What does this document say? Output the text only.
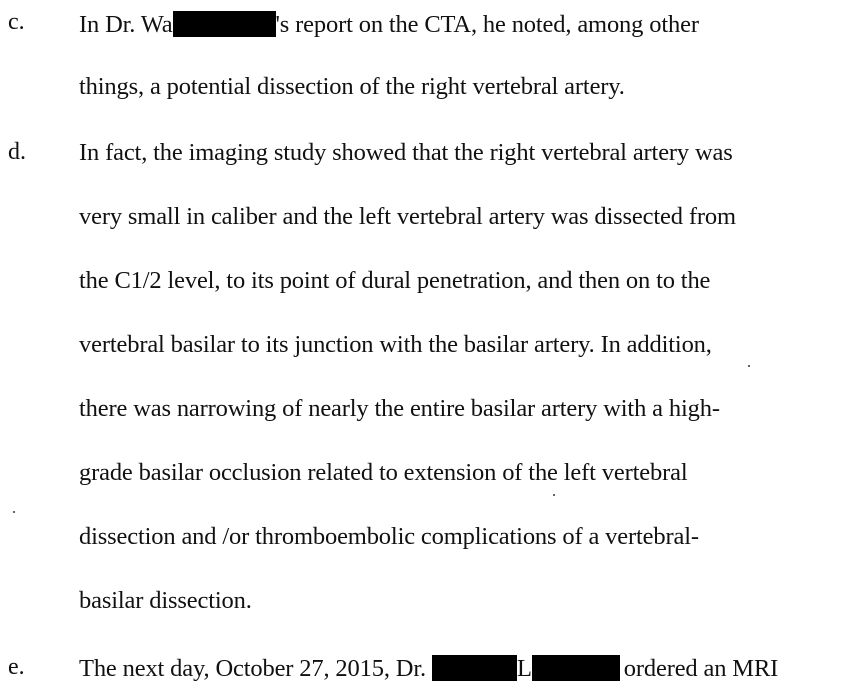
c. In Dr. Wa	's report on the CTA, he noted, among other
things, a potential dissection of the right vertebral artery.
d. In fact, the imaging study showed that the right vertebral artery was
very small in caliber and the left vertebral artery was dissected from
the C1/2 level, to its point of dural penetration, and then on to the
vertebral basilar to its junction with the basilar artery. In addition,
there was narrowing of nearly the entire basilar artery with a high-
grade basilar occlusion related to extension of the left vertebral
dissection and /or thromboembolic complications of a vertebral-
basilar dissection.
e. The next day, October 27, 2015, Dr.	L	ordered an MRI
